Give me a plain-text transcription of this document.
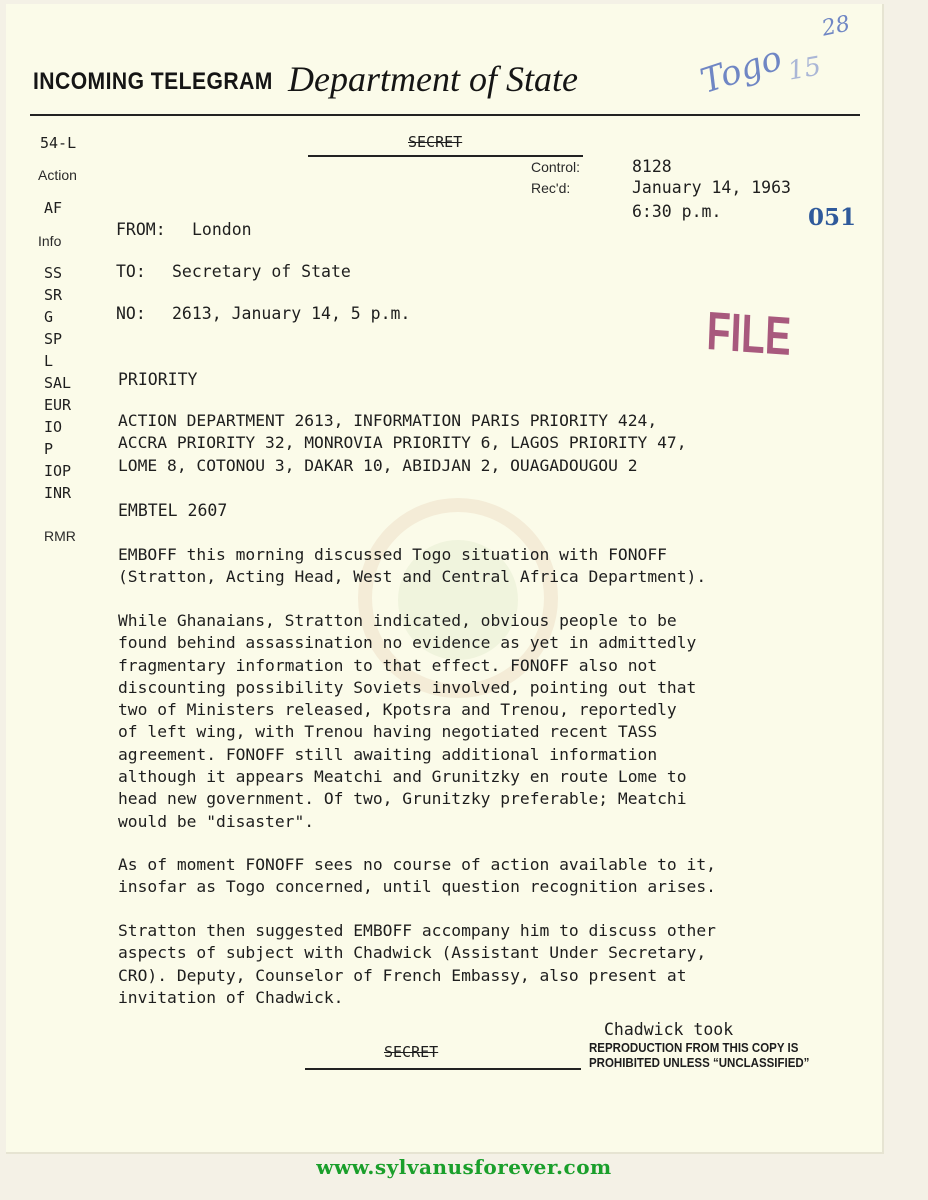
INCOMING TELEGRAM Department of State
28
Togo
15
SECRET
Control:	8128
Rec'd:	January 14, 1963
6:30 p.m.	051
54-L
Action
AF
Info
SS
SR
G
SP
L
SAL
EUR
IO
P
IOP
INR
RMR
FROM: London
TO: Secretary of State
NO: 2613, January 14, 5 p.m.	FILE
PRIORITY
ACTION DEPARTMENT 2613, INFORMATION PARIS PRIORITY 424,
ACCRA PRIORITY 32, MONROVIA PRIORITY 6, LAGOS PRIORITY 47,
LOME 8, COTONOU 3, DAKAR 10, ABIDJAN 2, OUAGADOUGOU 2
EMBTEL 2607
EMBOFF this morning discussed Togo situation with FONOFF
(Stratton, Acting Head, West and Central Africa Department).
While Ghanaians, Stratton indicated, obvious people to be
found behind assassination no evidence as yet in admittedly
fragmentary information to that effect. FONOFF also not
discounting possibility Soviets involved, pointing out that
two of Ministers released, Kpotsra and Trenou, reportedly
of left wing, with Trenou having negotiated recent TASS
agreement. FONOFF still awaiting additional information
although it appears Meatchi and Grunitzky en route Lome to
head new government. Of two, Grunitzky preferable; Meatchi
would be "disaster".
As of moment FONOFF sees no course of action available to it,
insofar as Togo concerned, until question recognition arises.
Stratton then suggested EMBOFF accompany him to discuss other
aspects of subject with Chadwick (Assistant Under Secretary,
CRO). Deputy, Counselor of French Embassy, also present at
invitation of Chadwick.
Chadwick took
SECRET	REPRODUCTION FROM THIS COPY IS
PROHIBITED UNLESS “UNCLASSIFIED”
www.sylvanusforever.com
